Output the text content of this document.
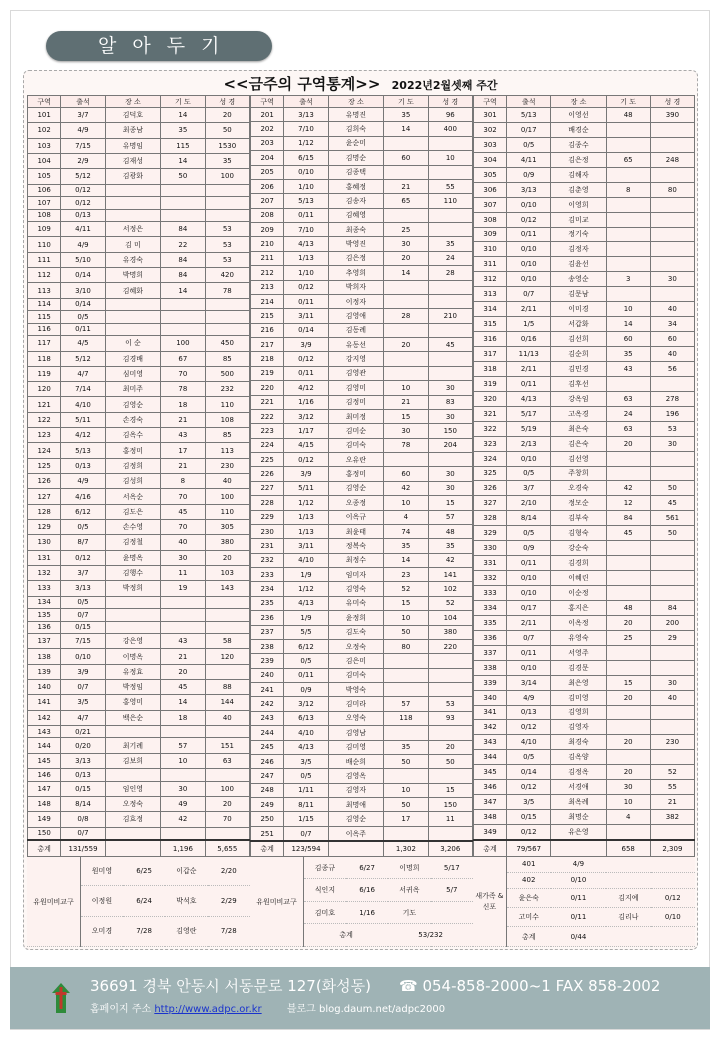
알 아 두 기
<<금주의 구역통계>> 2022년2월셋째 주간
구역	출석	장 소	기 도	성 경
101	3/7	김덕호	14	20
102	4/9	최종남	35	50
103	7/15	유명임	115	1530
104	2/9	김재성	14	35
105	5/12	김광화	50	100
106	0/12			
107	0/12			
108	0/13			
109	4/11	서정은	84	53
110	4/9	김 미	22	53
111	5/10	유경숙	84	53
112	0/14	박명희	84	420
113	3/10	김혜화	14	78
114	0/14			
115	0/5			
116	0/11			
117	4/5	이 순	100	450
118	5/12	김경배	67	85
119	4/7	심미영	70	500
120	7/14	최미주	78	232
121	4/10	김영순	18	110
122	5/11	손경숙	21	108
123	4/12	김옥수	43	85
124	5/13	홍정미	17	113
125	0/13	김정희	21	230
126	4/9	김성희	8	40
127	4/16	서옥순	70	100
128	6/12	김도은	45	110
129	0/5	손수영	70	305
130	8/7	김정철	40	380
131	0/12	윤명옥	30	20
132	3/7	김행수	11	103
133	3/13	박정희	19	143
134	0/5			
135	0/7			
136	0/15			
137	7/15	강은영	43	58
138	0/10	이명옥	21	120
139	3/9	유정효	20	
140	0/7	박정임	45	88
141	3/5	홍영미	14	144
142	4/7	백은순	18	40
143	0/21			
144	0/20	최기례	57	151
145	3/13	김보희	10	63
146	0/13			
147	0/15	임인영	30	100
148	8/14	오정숙	49	20
149	0/8	김효정	42	70
150	0/7			
총계	131/559		1,196	5,655
구역	출석	장 소	기 도	성 경
201	3/13	유명진	35	96
202	7/10	김희숙	14	400
203	1/12	윤순미		
204	6/15	김명순	60	10
205	0/10	김종택		
206	1/10	홍혜정	21	55
207	5/13	김송자	65	110
208	0/11	김혜영		
209	7/10	최종숙	25	
210	4/13	박영진	30	35
211	1/13	김은정	20	24
212	1/10	추영희	14	28
213	0/12	박희자		
214	0/11	이정자		
215	3/11	김영애	28	210
216	0/14	김동례		
217	3/9	유동선	20	45
218	0/12	강지영		
219	0/11	김영관		
220	4/12	김영미	10	30
221	1/16	김정미	21	83
222	3/12	최미정	15	30
223	1/17	김미순	30	150
224	4/15	김미숙	78	204
225	0/12	오유란		
226	3/9	홍정미	60	30
227	5/11	김영순	42	30
228	1/12	오종정	10	15
229	1/13	이옥규	4	57
230	1/13	최윤태	74	48
231	3/11	정복숙	35	35
232	4/10	최정수	14	42
233	1/9	임미자	23	141
234	1/12	김영숙	52	102
235	4/13	유미숙	15	52
236	1/9	윤정희	10	104
237	5/5	김도숙	50	380
238	6/12	오정숙	80	220
239	0/5	김은미		
240	0/11	김미숙		
241	0/9	박영숙		
242	3/12	김미라	57	53
243	6/13	오영숙	118	93
244	4/10	김영남		
245	4/13	김미영	35	20
246	3/5	배순희	50	50
247	0/5	김영옥		
248	1/11	김영자	10	15
249	8/11	최명애	50	150
250	1/15	김영순	17	11
251	0/7	이옥주		
총계	123/594		1,302	3,206
구역	출석	장 소	기 도	성 경
301	5/13	이영선	48	390
302	0/17	배경순		
303	0/5	김종수		
304	4/11	김은정	65	248
305	0/9	김해자		
306	3/13	김춘영	8	80
307	0/10	이영희		
308	0/12	김미교		
309	0/11	정기숙		
310	0/10	김정자		
311	0/10	김윤선		
312	0/10	송영순	3	30
313	0/7	김문남		
314	2/11	이미경	10	40
315	1/5	서갑화	14	34
316	0/16	김선희	60	60
317	11/13	김순희	35	40
318	2/11	김민경	43	56
319	0/11	김후선		
320	4/13	강옥임	63	278
321	5/17	고옥경	24	196
322	5/19	최은숙	63	53
323	2/13	김은숙	20	30
324	0/10	김선영		
325	0/5	주창희		
326	3/7	오경숙	42	50
327	2/10	정모순	12	45
328	8/14	김부숙	84	561
329	0/5	김형숙	45	50
330	0/9	강순숙		
331	0/11	김경희		
332	0/10	이혜린		
333	0/10	이순정		
334	0/17	홍지은	48	84
335	2/11	이옥정	20	200
336	0/7	유영숙	25	29
337	0/11	서영주		
338	0/10	김경문		
339	3/14	최은영	15	30
340	4/9	김미영	20	40
341	0/13	김영희		
342	0/12	김영자		
343	4/10	최경숙	20	230
344	0/5	김옥양		
345	0/14	김정옥	20	52
346	0/12	서경애	30	55
347	3/5	최옥례	10	21
348	0/15	최명순	4	382
349	0/12	유은영		
총계	79/567		658	2,309
유원미비교구	원미영	6/25	이갑순	2/20
	이정원	6/24	박석호	2/29
	오미경	7/28	김영란	7/28
유원미비교구	김종규	6/27	이명희	5/17
	식인지	6/16	서귀옥	5/7
	김미호	1/16	기도	
	총계		53/232	
새가족 & 신포	401	4/9		
	402	0/10		
	윤은숙	0/11	김지예	0/12
	고미수	0/11	김리나	0/10
	총계	0/44		
36691 경북 안동시 서동문로 127(화성동) ☎ 054-858-2000~1 FAX 858-2002
홈페이지 주소 http://www.adpc.or.kr	블로그 blog.daum.net/adpc2000
